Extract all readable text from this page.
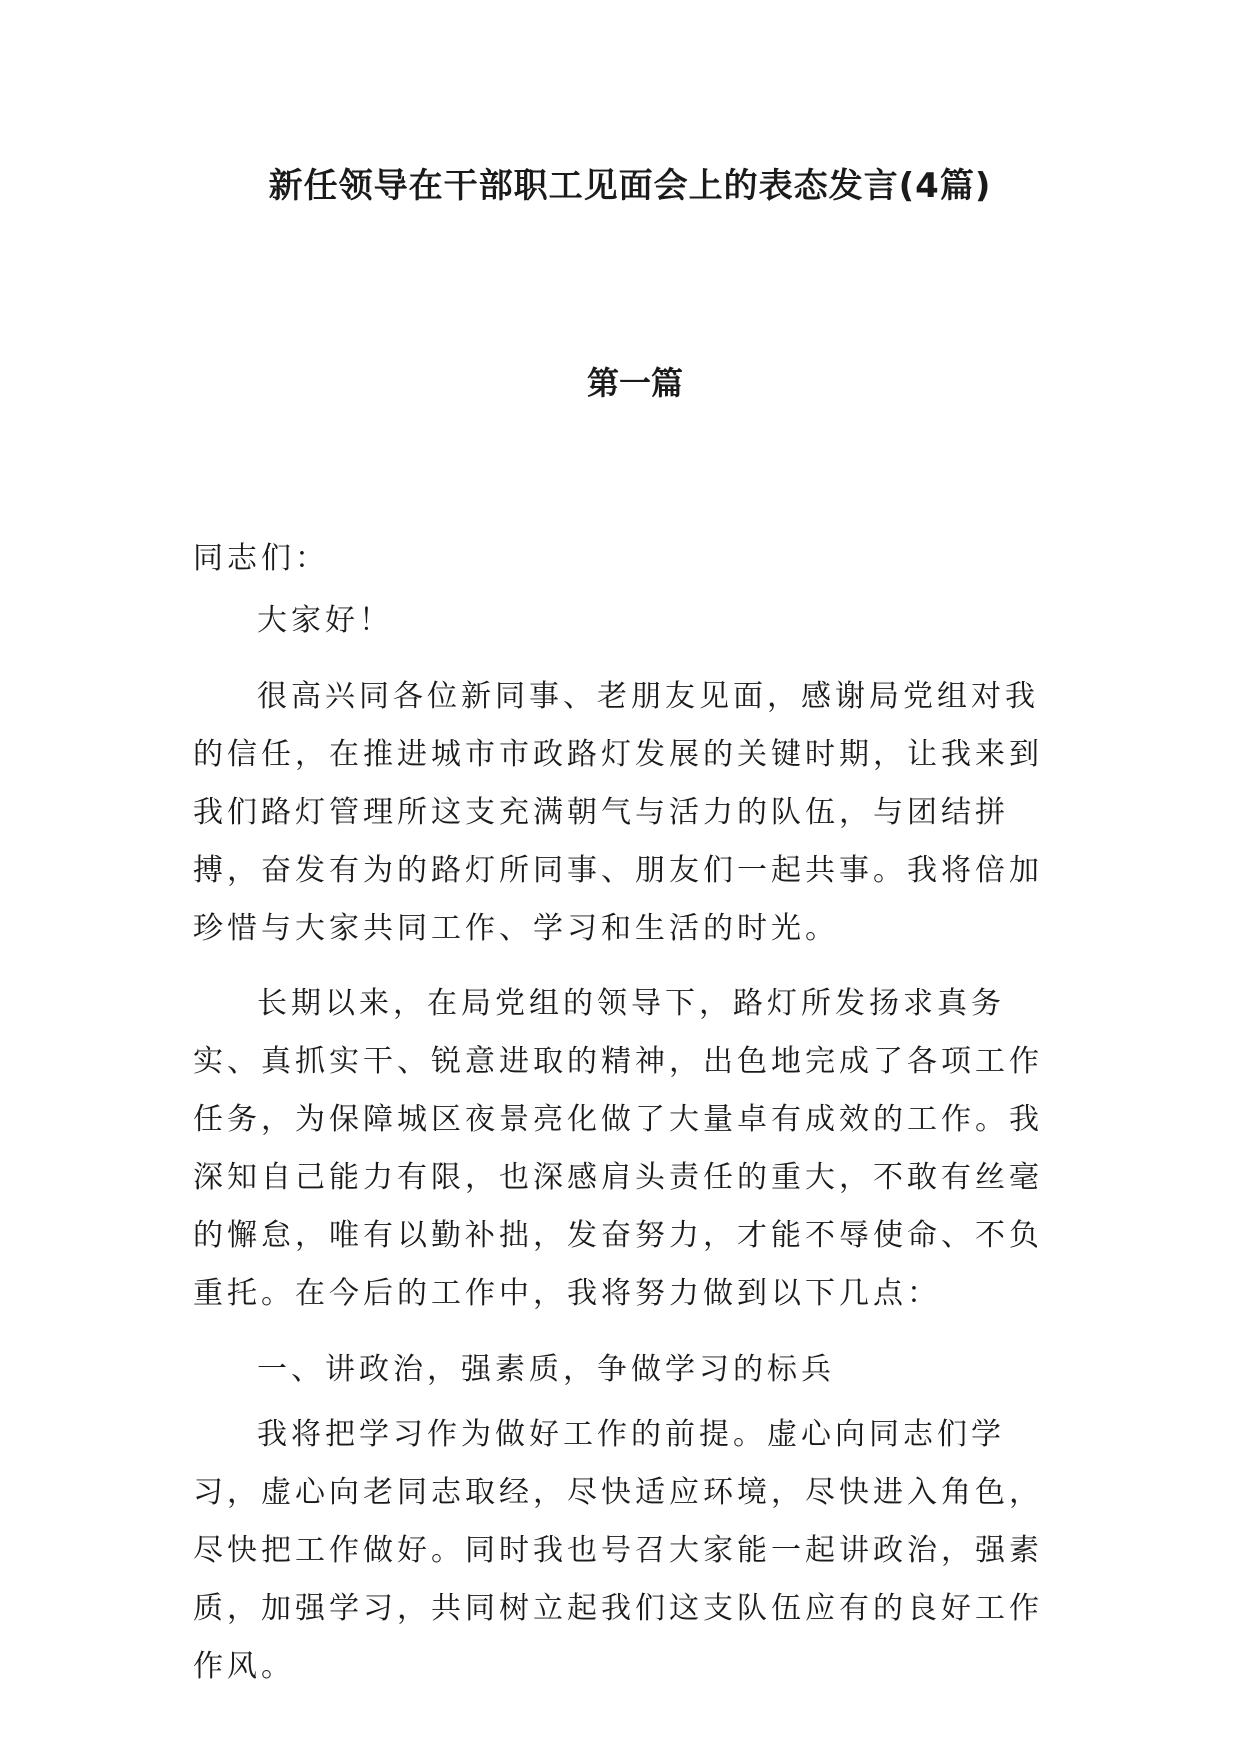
新任领导在干部职工见面会上的表态发言(4篇)
第一篇

同志们：

大家好！

很高兴同各位新同事、老朋友见面，感谢局党组对我的信任，在推进城市市政路灯发展的关键时期，让我来到我们路灯管理所这支充满朝气与活力的队伍，与团结拼搏，奋发有为的路灯所同事、朋友们一起共事。我将倍加珍惜与大家共同工作、学习和生活的时光。

长期以来，在局党组的领导下，路灯所发扬求真务实、真抓实干、锐意进取的精神，出色地完成了各项工作任务，为保障城区夜景亮化做了大量卓有成效的工作。我深知自己能力有限，也深感肩头责任的重大，不敢有丝毫的懈怠，唯有以勤补拙，发奋努力，才能不辱使命、不负重托。在今后的工作中，我将努力做到以下几点：

一、讲政治，强素质，争做学习的标兵

我将把学习作为做好工作的前提。虚心向同志们学习，虚心向老同志取经，尽快适应环境，尽快进入角色，尽快把工作做好。同时我也号召大家能一起讲政治，强素质，加强学习，共同树立起我们这支队伍应有的良好工作作风。
